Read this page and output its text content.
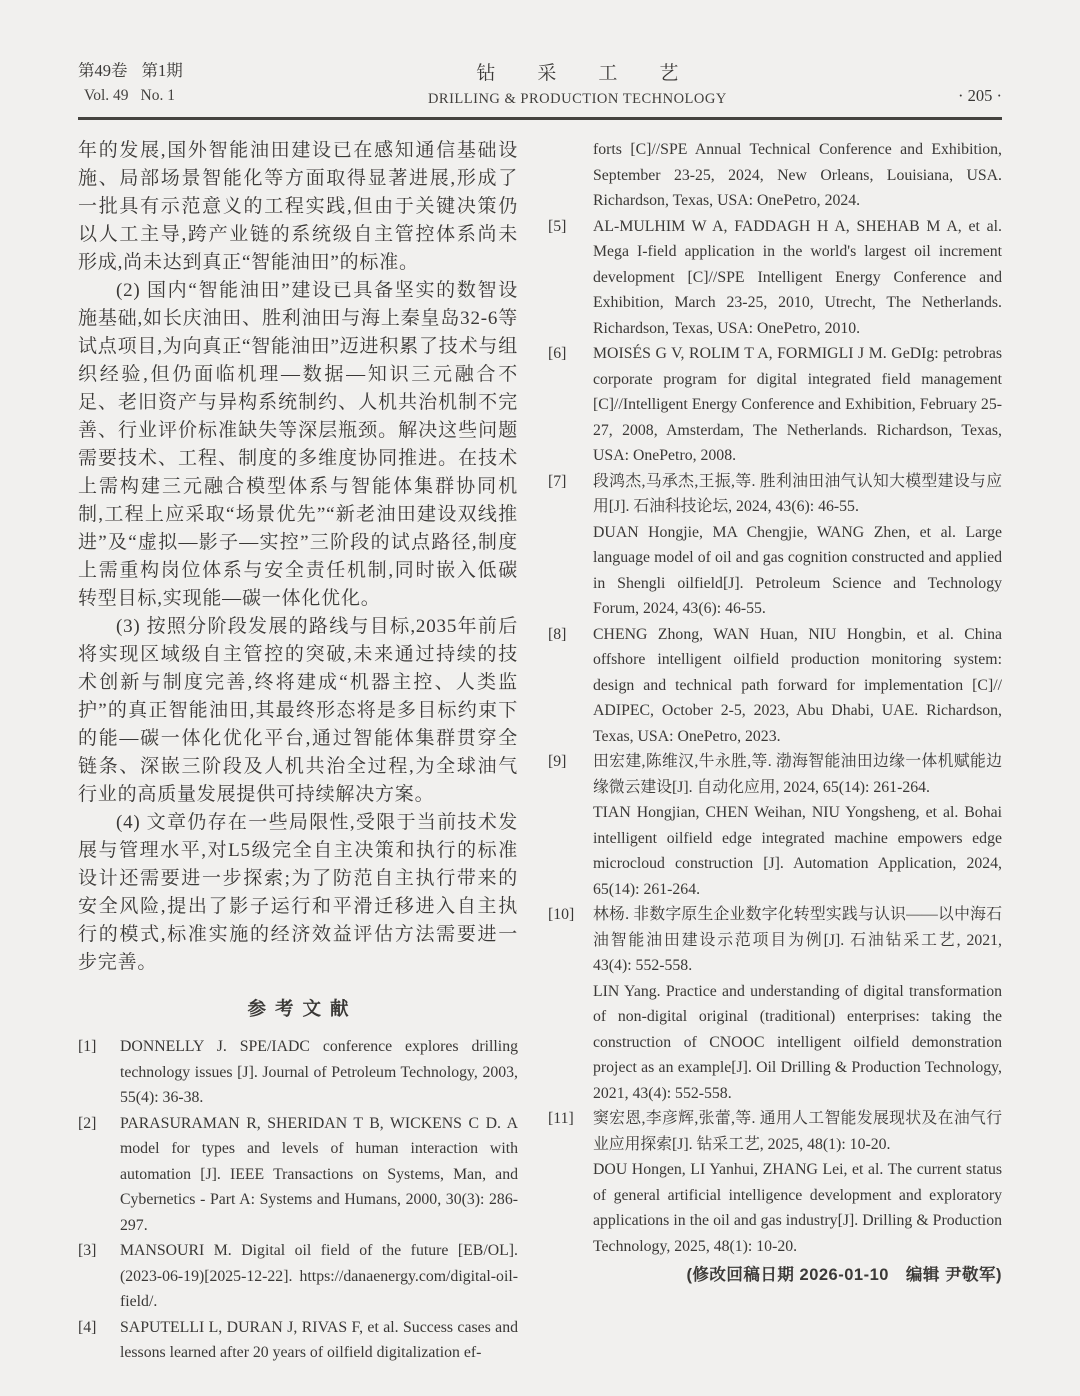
第49卷 第1期
Vol. 49 No. 1
钻采工艺
DRILLING & PRODUCTION TECHNOLOGY	· 205 ·

年的发展,国外智能油田建设已在感知通信基础设施、局部场景智能化等方面取得显著进展,形成了一批具有示范意义的工程实践,但由于关键决策仍以人工主导,跨产业链的系统级自主管控体系尚未形成,尚未达到真正“智能油田”的标准。

(2) 国内“智能油田”建设已具备坚实的数智设施基础,如长庆油田、胜利油田与海上秦皇岛32-6等试点项目,为向真正“智能油田”迈进积累了技术与组织经验,但仍面临机理—数据—知识三元融合不足、老旧资产与异构系统制约、人机共治机制不完善、行业评价标准缺失等深层瓶颈。解决这些问题需要技术、工程、制度的多维度协同推进。在技术上需构建三元融合模型体系与智能体集群协同机制,工程上应采取“场景优先”“新老油田建设双线推进”及“虚拟—影子—实控”三阶段的试点路径,制度上需重构岗位体系与安全责任机制,同时嵌入低碳转型目标,实现能—碳一体化优化。

(3) 按照分阶段发展的路线与目标,2035年前后将实现区域级自主管控的突破,未来通过持续的技术创新与制度完善,终将建成“机器主控、人类监护”的真正智能油田,其最终形态将是多目标约束下的能—碳一体化优化平台,通过智能体集群贯穿全链条、深嵌三阶段及人机共治全过程,为全球油气行业的高质量发展提供可持续解决方案。

(4) 文章仍存在一些局限性,受限于当前技术发展与管理水平,对L5级完全自主决策和执行的标准设计还需要进一步探索;为了防范自主执行带来的安全风险,提出了影子运行和平滑迁移进入自主执行的模式,标准实施的经济效益评估方法需要进一步完善。

参考文献
[1]	DONNELLY J. SPE/IADC conference explores drilling technology issues [J]. Journal of Petroleum Technology, 2003, 55(4): 36-38.

[2]	PARASURAMAN R, SHERIDAN T B, WICKENS C D. A model for types and levels of human interaction with automation [J]. IEEE Transactions on Systems, Man, and Cybernetics - Part A: Systems and Humans, 2000, 30(3): 286-297.

[3]	MANSOURI M. Digital oil field of the future [EB/OL]. (2023-06-19)[2025-12-22]. https://danaenergy.com/digital-oil-field/.

[4]	SAPUTELLI L, DURAN J, RIVAS F, et al. Success cases and lessons learned after 20 years of oilfield digitalization ef-

forts [C]//SPE Annual Technical Conference and Exhibition, September 23-25, 2024, New Orleans, Louisiana, USA. Richardson, Texas, USA: OnePetro, 2024.

[5]	AL-MULHIM W A, FADDAGH H A, SHEHAB M A, et al. Mega I-field application in the world's largest oil increment development [C]//SPE Intelligent Energy Conference and Exhibition, March 23-25, 2010, Utrecht, The Netherlands. Richardson, Texas, USA: OnePetro, 2010.

[6]	MOISÉS G V, ROLIM T A, FORMIGLI J M. GeDIg: petrobras corporate program for digital integrated field management [C]//Intelligent Energy Conference and Exhibition, February 25-27, 2008, Amsterdam, The Netherlands. Richardson, Texas, USA: OnePetro, 2008.

[7]	段鸿杰,马承杰,王振,等. 胜利油田油气认知大模型建设与应用[J]. 石油科技论坛, 2024, 43(6): 46-55.

DUAN Hongjie, MA Chengjie, WANG Zhen, et al. Large language model of oil and gas cognition constructed and applied in Shengli oilfield[J]. Petroleum Science and Technology Forum, 2024, 43(6): 46-55.

[8]	CHENG Zhong, WAN Huan, NIU Hongbin, et al. China offshore intelligent oilfield production monitoring system: design and technical path forward for implementation [C]// ADIPEC, October 2-5, 2023, Abu Dhabi, UAE. Richardson, Texas, USA: OnePetro, 2023.

[9]	田宏建,陈维汉,牛永胜,等. 渤海智能油田边缘一体机赋能边缘微云建设[J]. 自动化应用, 2024, 65(14): 261-264.

TIAN Hongjian, CHEN Weihan, NIU Yongsheng, et al. Bohai intelligent oilfield edge integrated machine empowers edge microcloud construction [J]. Automation Application, 2024, 65(14): 261-264.

[10]	林杨. 非数字原生企业数字化转型实践与认识——以中海石油智能油田建设示范项目为例[J]. 石油钻采工艺, 2021, 43(4): 552-558.

LIN Yang. Practice and understanding of digital transformation of non-digital original (traditional) enterprises: taking the construction of CNOOC intelligent oilfield demonstration project as an example[J]. Oil Drilling & Production Technology, 2021, 43(4): 552-558.

[11]	窦宏恩,李彦辉,张蕾,等. 通用人工智能发展现状及在油气行业应用探索[J]. 钻采工艺, 2025, 48(1): 10-20.

DOU Hongen, LI Yanhui, ZHANG Lei, et al. The current status of general artificial intelligence development and exploratory applications in the oil and gas industry[J]. Drilling & Production Technology, 2025, 48(1): 10-20.

(修改回稿日期 2026-01-10　编辑 尹敬军)
